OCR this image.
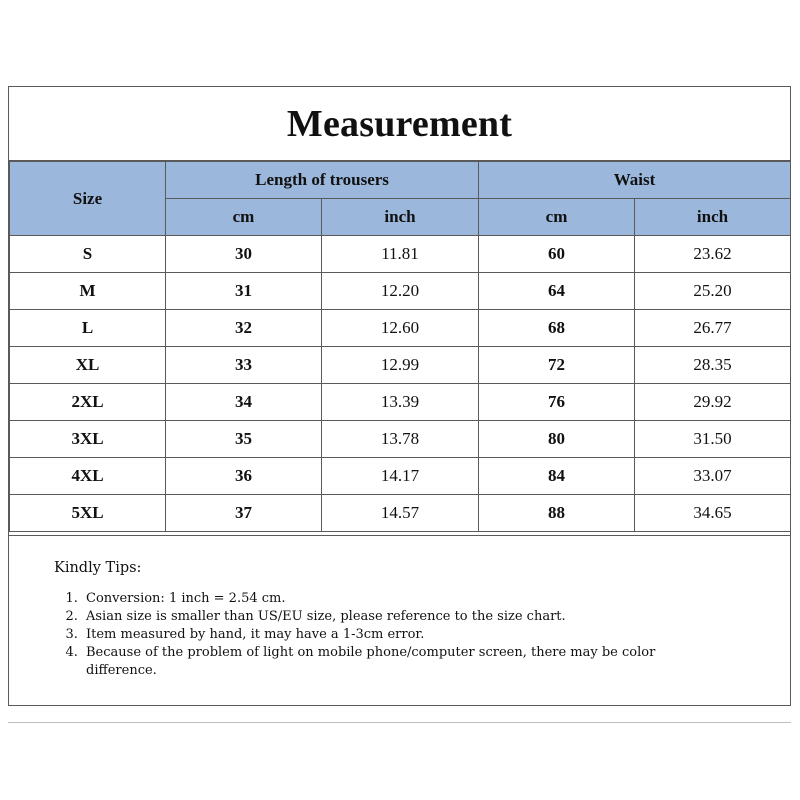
Measurement
Size	Length of trousers		Waist	
	cm	inch	cm	inch
S	30	11.81	60	23.62
M	31	12.20	64	25.20
L	32	12.60	68	26.77
XL	33	12.99	72	28.35
2XL	34	13.39	76	29.92
3XL	35	13.78	80	31.50
4XL	36	14.17	84	33.07
5XL	37	14.57	88	34.65
Kindly Tips:
1. Conversion: 1 inch = 2.54 cm.
2. Asian size is smaller than US/EU size, please reference to the size chart.
3. Item measured by hand, it may have a 1-3cm error.
4. Because of the problem of light on mobile phone/computer screen, there may be color difference.
